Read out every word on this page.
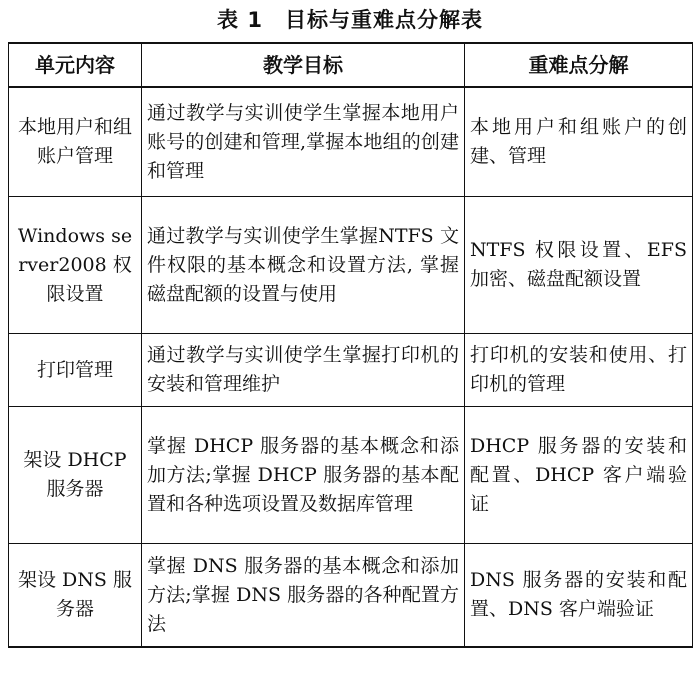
表 1 目标与重难点分解表
单元内容	教学目标	重难点分解
本地用户和组账户管理	通过教学与实训使学生掌握本地用户账号的创建和管理,掌握本地组的创建和管理	本地用户和组账户的创建、管理
Windows server2008 权限设置	通过教学与实训使学生掌握NTFS 文件权限的基本概念和设置方法, 掌握磁盘配额的设置与使用	NTFS 权限设置、EFS 加密、磁盘配额设置
打印管理	通过教学与实训使学生掌握打印机的安装和管理维护	打印机的安装和使用、打印机的管理
架设 DHCP 服务器	掌握 DHCP 服务器的基本概念和添加方法;掌握 DHCP 服务器的基本配置和各种选项设置及数据库管理	DHCP 服务器的安装和配置、DHCP 客户端验证
架设 DNS 服务器	掌握 DNS 服务器的基本概念和添加方法;掌握 DNS 服务器的各种配置方法	DNS 服务器的安装和配置、DNS 客户端验证
